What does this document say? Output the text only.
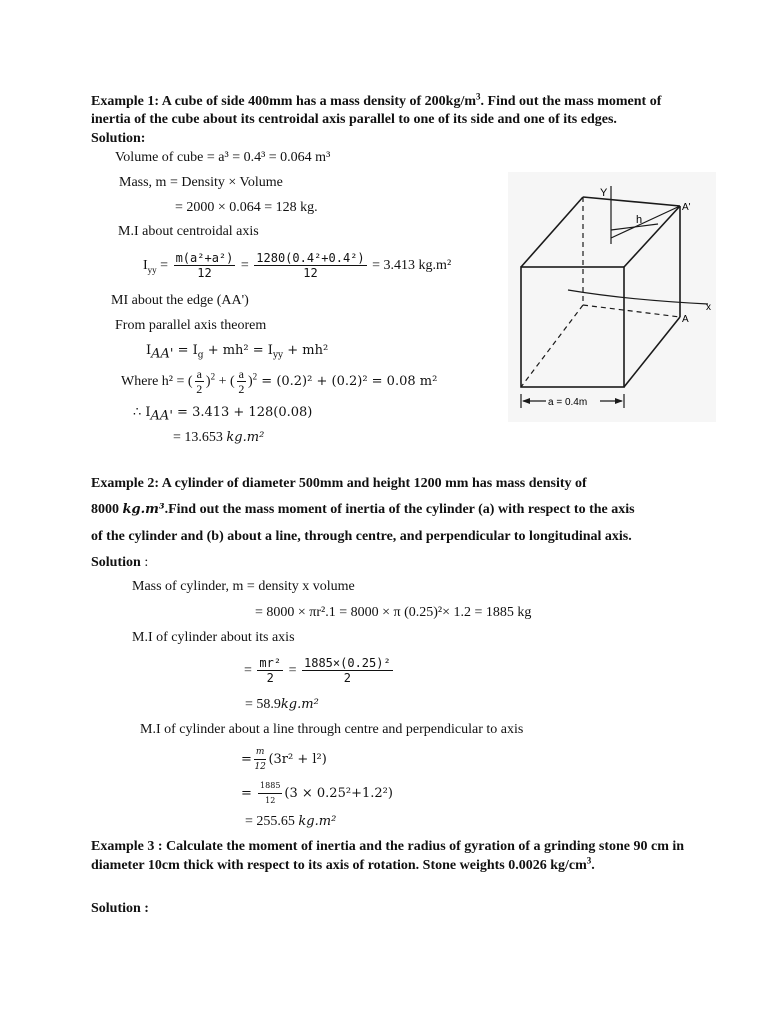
Example 1: A cube of side 400mm has a mass density of $200kg/m^3$. Find out the mass moment of
inertia of the cube about its centroidal axis parallel to one of its side and one of its edges.
Solution:
Volume of cube = a³ = 0.4³ = 0.064 m³
Mass, m = Density × Volume
= 2000 × 0.064 = 128 kg.
M.I about centroidal axis
$I_{yy} = \frac{\text{m(a²+a²)}}{12} = \frac{\text{1280(0.4²+0.4²)}}{12} = 3.413$ kg.m²
MI about the edge (AA')
From parallel axis theorem
$I_{AA'} = I_g + mh^2 = I_{yy} + mh^2$
Where h² = ( $\frac{a}{2} )^2$ + ( $\frac{a}{2} )^2 = (0.2)^2 + (0.2)^2 = 0.08$ m²
∴ $I_{AA'} = 3.413 + 128(0.08)$
= 13.653 kg.m²
Y
h
A'
x
A
a = 0.4m
Example 2: A cylinder of diameter 500mm and height 1200 mm has mass density of
8000 kg.m³.Find out the mass moment of inertia of the cylinder (a) with respect to the axis
of the cylinder and (b) about a line, through centre, and perpendicular to longitudinal axis.
Solution :
Mass of cylinder, m = density x volume
= 8000 × πr².1 = 8000 × π (0.25)²× 1.2 = 1885 kg
M.I of cylinder about its axis
= $\frac{\text{mr²}}{2} = \frac{\text{1885×(0.25)²}}{2}$
= 58.9kg.m²
M.I of cylinder about a line through centre and perpendicular to axis
= $\frac{m}{12} (3r^2 + l^2)$
= $\frac{1885}{12} (3 \times 0.25^2+1.2^2)$
= 255.65 kg.m²
Example 3 : Calculate the moment of inertia and the radius of gyration of a grinding stone 90 cm in
diameter 10cm thick with respect to its axis of rotation. Stone weights 0.0026 $kg/cm^3$.
Solution :
